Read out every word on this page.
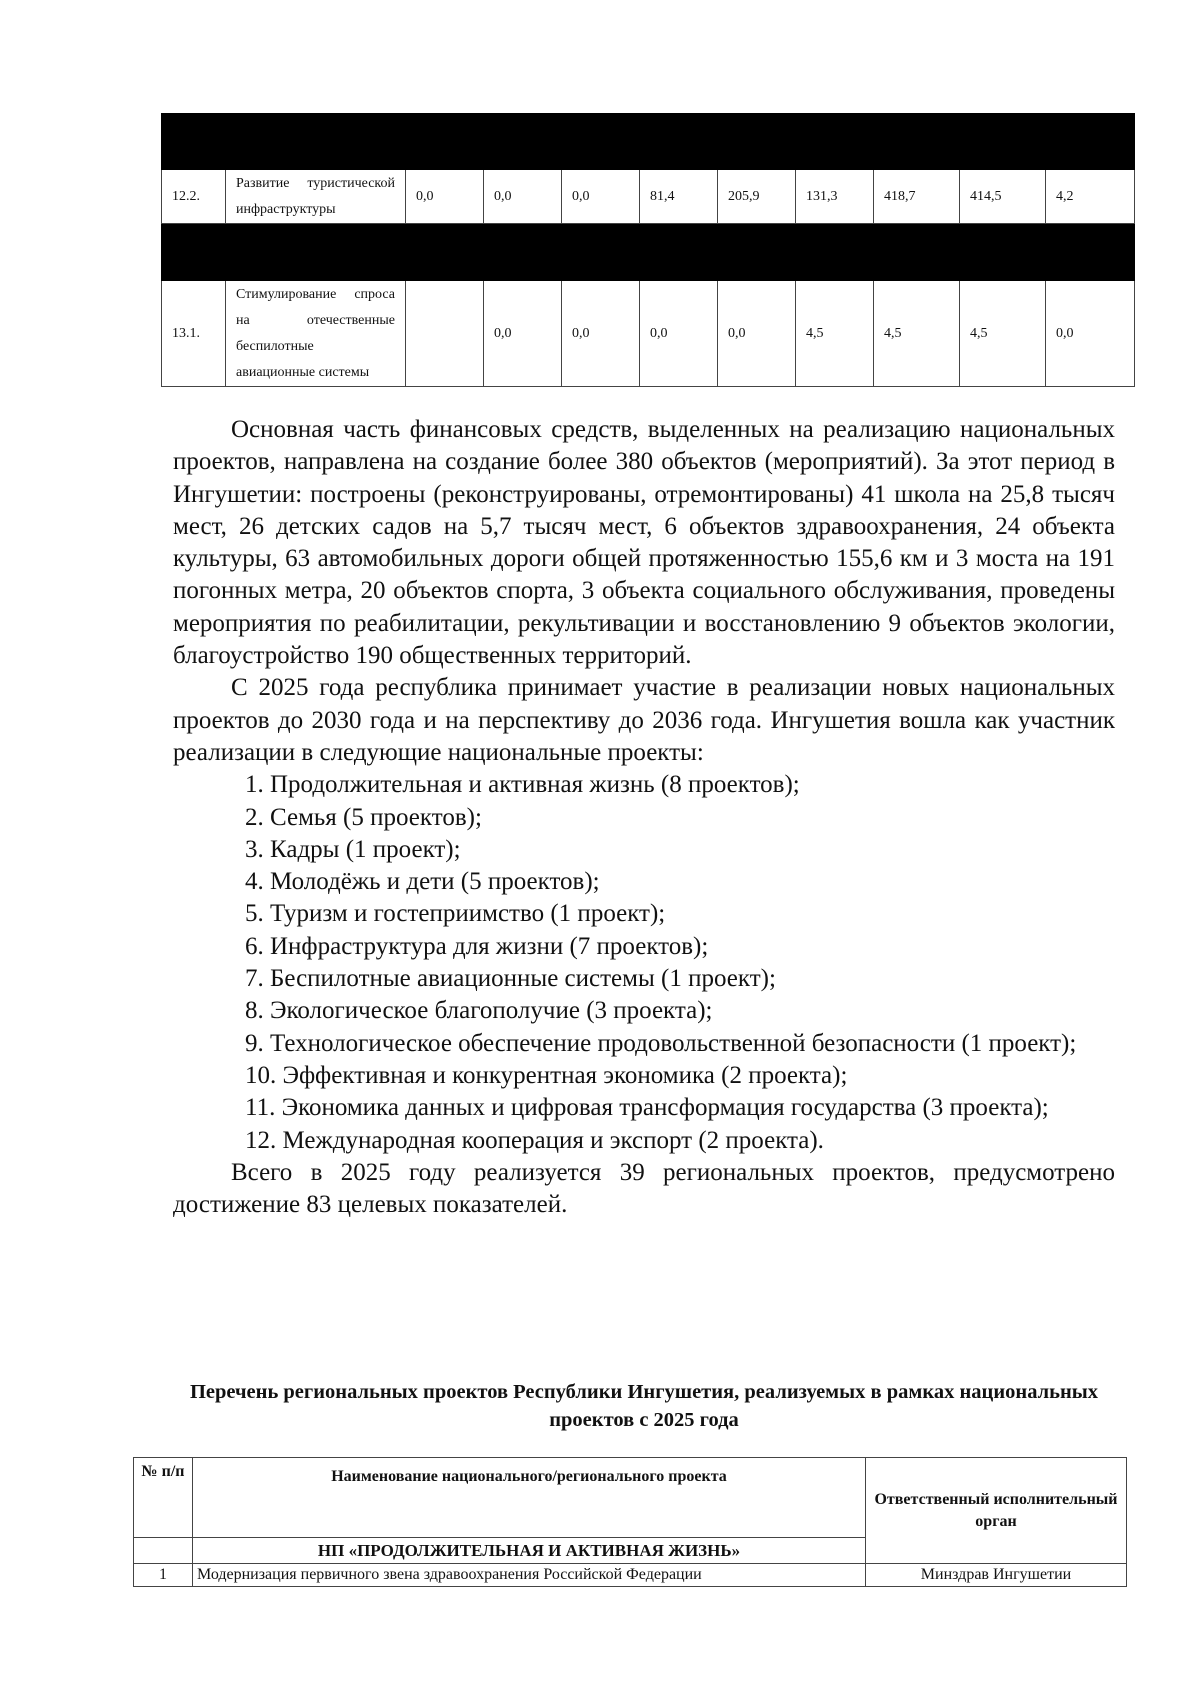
12.2.	Развитие туристической инфраструктуры	0,0	0,0	0,0	81,4	205,9	131,3	418,7	414,5	4,2

13.1.	Стимулирование спроса на отечественные беспилотные авиационные системы		0,0	0,0	0,0	0,0	4,5	4,5	4,5	0,0

Основная часть финансовых средств, выделенных на реализацию национальных проектов, направлена на создание более 380 объектов (мероприятий). За этот период в Ингушетии: построены (реконструированы, отремонтированы) 41 школа на 25,8 тысяч мест, 26 детских садов на 5,7 тысяч мест, 6 объектов здравоохранения, 24 объекта культуры, 63 автомобильных дороги общей протяженностью 155,6 км и 3 моста на 191 погонных метра, 20 объектов спорта, 3 объекта социального обслуживания, проведены мероприятия по реабилитации, рекультивации и восстановлению 9 объектов экологии, благоустройство 190 общественных территорий.

С 2025 года республика принимает участие в реализации новых национальных проектов до 2030 года и на перспективу до 2036 года. Ингушетия вошла как участник реализации в следующие национальные проекты:

1. Продолжительная и активная жизнь (8 проектов);

2. Семья (5 проектов);

3. Кадры (1 проект);

4. Молодёжь и дети (5 проектов);

5. Туризм и гостеприимство (1 проект);

6. Инфраструктура для жизни (7 проектов);

7. Беспилотные авиационные системы (1 проект);

8. Экологическое благополучие (3 проекта);

9. Технологическое обеспечение продовольственной безопасности (1 проект);

10. Эффективная и конкурентная экономика (2 проекта);

11. Экономика данных и цифровая трансформация государства (3 проекта);

12. Международная кооперация и экспорт (2 проекта).

Всего в 2025 году реализуется 39 региональных проектов, предусмотрено достижение 83 целевых показателей.

Перечень региональных проектов Республики Ингушетия, реализуемых в рамках национальных проектов с 2025 года
№ п/п	Наименование национального/регионального проекта	Ответственный исполнительный орган
	НП «ПРОДОЛЖИТЕЛЬНАЯ И АКТИВНАЯ ЖИЗНЬ»	
1	Модернизация первичного звена здравоохранения Российской Федерации	Минздрав Ингушетии
